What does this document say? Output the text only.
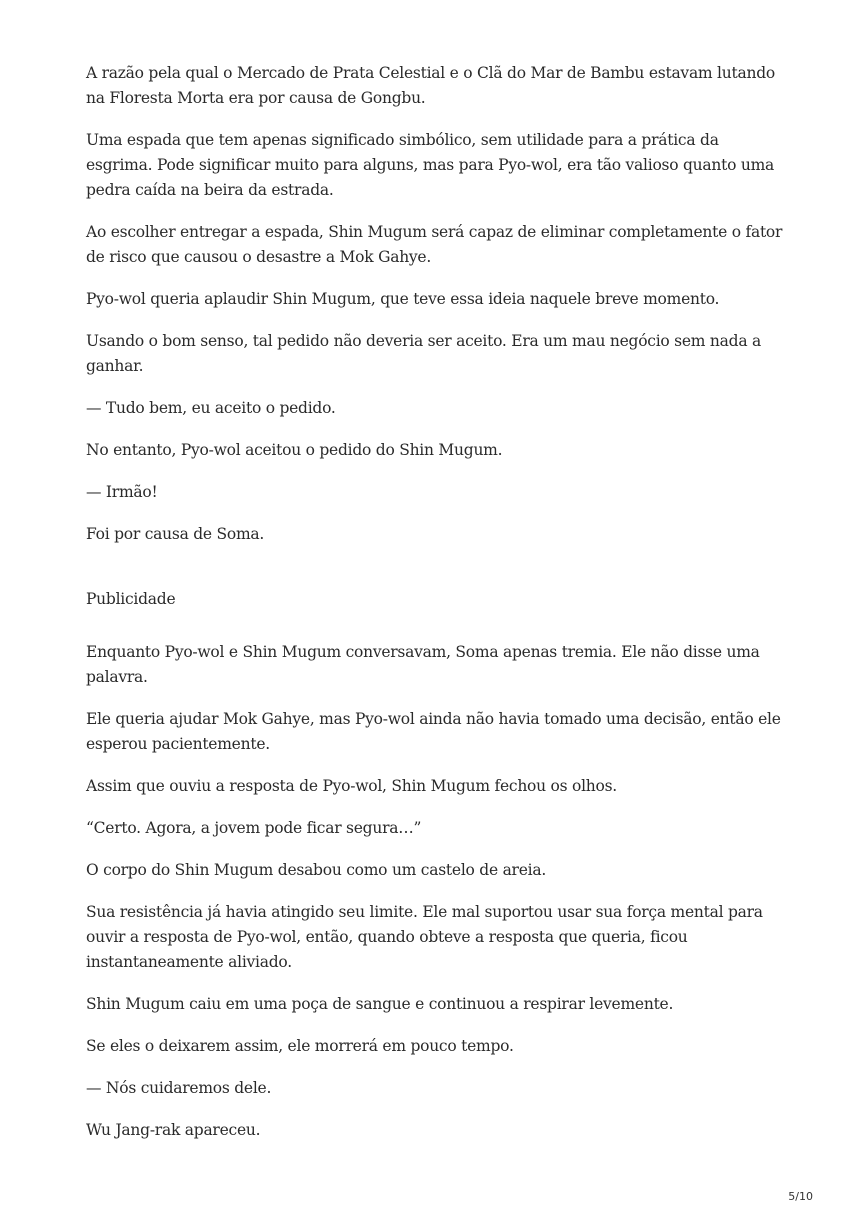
A razão pela qual o Mercado de Prata Celestial e o Clã do Mar de Bambu estavam lutando na Floresta Morta era por causa de Gongbu.

Uma espada que tem apenas significado simbólico, sem utilidade para a prática da esgrima. Pode significar muito para alguns, mas para Pyo-wol, era tão valioso quanto uma pedra caída na beira da estrada.

Ao escolher entregar a espada, Shin Mugum será capaz de eliminar completamente o fator de risco que causou o desastre a Mok Gahye.

Pyo-wol queria aplaudir Shin Mugum, que teve essa ideia naquele breve momento.

Usando o bom senso, tal pedido não deveria ser aceito. Era um mau negócio sem nada a ganhar.

— Tudo bem, eu aceito o pedido.

No entanto, Pyo-wol aceitou o pedido do Shin Mugum.

— Irmão!

Foi por causa de Soma.

Publicidade

Enquanto Pyo-wol e Shin Mugum conversavam, Soma apenas tremia. Ele não disse uma palavra.

Ele queria ajudar Mok Gahye, mas Pyo-wol ainda não havia tomado uma decisão, então ele esperou pacientemente.

Assim que ouviu a resposta de Pyo-wol, Shin Mugum fechou os olhos.

“Certo. Agora, a jovem pode ficar segura…”

O corpo do Shin Mugum desabou como um castelo de areia.

Sua resistência já havia atingido seu limite. Ele mal suportou usar sua força mental para ouvir a resposta de Pyo-wol, então, quando obteve a resposta que queria, ficou instantaneamente aliviado.

Shin Mugum caiu em uma poça de sangue e continuou a respirar levemente.

Se eles o deixarem assim, ele morrerá em pouco tempo.

— Nós cuidaremos dele.

Wu Jang-rak apareceu.

5/10
